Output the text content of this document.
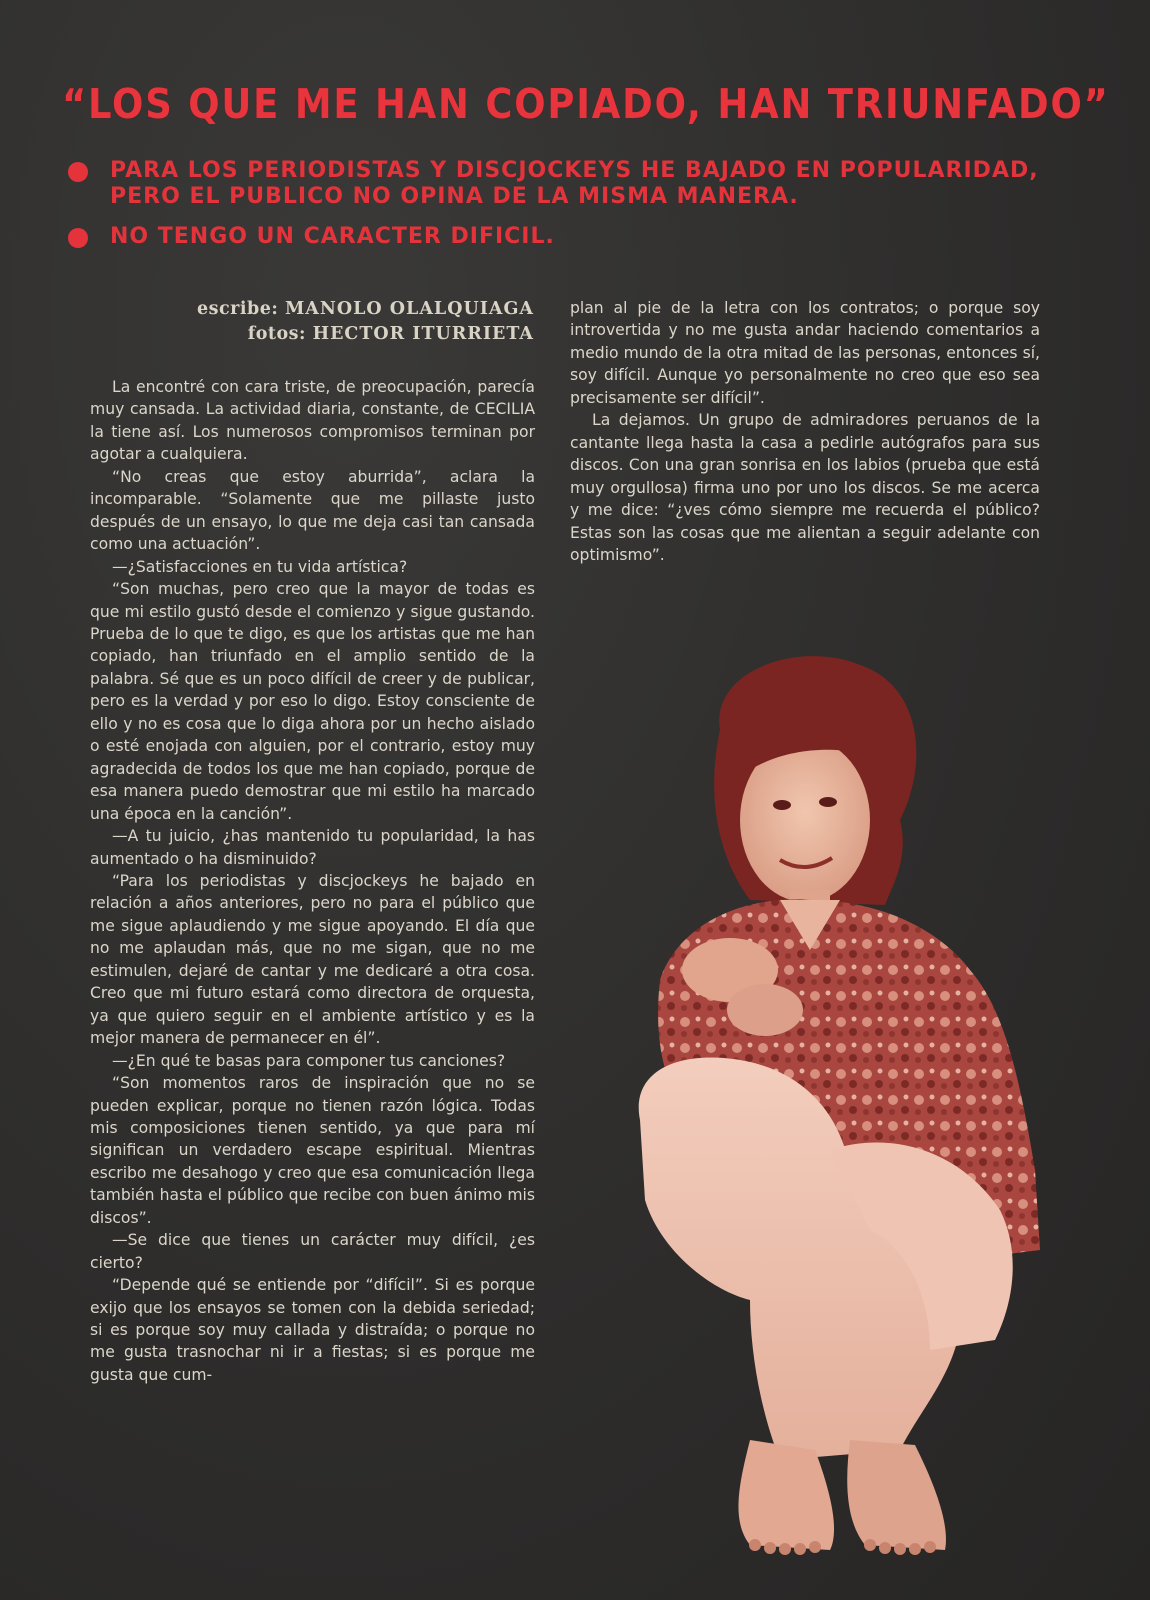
“LOS QUE ME HAN COPIADO, HAN TRIUNFADO”
PARA LOS PERIODISTAS Y DISCJOCKEYS HE BAJADO EN POPULARIDAD, PERO EL PUBLICO NO OPINA DE LA MISMA MANERA.
NO TENGO UN CARACTER DIFICIL.
escribe: MANOLO OLALQUIAGA
fotos: HECTOR ITURRIETA

La encontré con cara triste, de preocupación, parecía muy cansada. La actividad diaria, constante, de CECILIA la tiene así. Los numerosos compromisos terminan por agotar a cualquiera.

“No creas que estoy aburrida”, aclara la incomparable. “Solamente que me pillaste justo después de un ensayo, lo que me deja casi tan cansada como una actuación”.

—¿Satisfacciones en tu vida artística?

“Son muchas, pero creo que la mayor de todas es que mi estilo gustó desde el comienzo y sigue gustando. Prueba de lo que te digo, es que los artistas que me han copiado, han triunfado en el amplio sentido de la palabra. Sé que es un poco difícil de creer y de publicar, pero es la verdad y por eso lo digo. Estoy consciente de ello y no es cosa que lo diga ahora por un hecho aislado o esté enojada con alguien, por el contrario, estoy muy agradecida de todos los que me han copiado, porque de esa manera puedo demostrar que mi estilo ha marcado una época en la canción”.

—A tu juicio, ¿has mantenido tu popularidad, la has aumentado o ha disminuido?

“Para los periodistas y discjockeys he bajado en relación a años anteriores, pero no para el público que me sigue aplaudiendo y me sigue apoyando. El día que no me aplaudan más, que no me sigan, que no me estimulen, dejaré de cantar y me dedicaré a otra cosa. Creo que mi futuro estará como directora de orquesta, ya que quiero seguir en el ambiente artístico y es la mejor manera de permanecer en él”.

—¿En qué te basas para componer tus canciones?

“Son momentos raros de inspiración que no se pueden explicar, porque no tienen razón lógica. Todas mis composiciones tienen sentido, ya que para mí significan un verdadero escape espiritual. Mientras escribo me desahogo y creo que esa comunicación llega también hasta el público que recibe con buen ánimo mis discos”.

—Se dice que tienes un carácter muy difícil, ¿es cierto?

“Depende qué se entiende por “difícil”. Si es porque exijo que los ensayos se tomen con la debida seriedad; si es porque soy muy callada y distraída; o porque no me gusta trasnochar ni ir a fiestas; si es porque me gusta que cum-

plan al pie de la letra con los contratos; o porque soy introvertida y no me gusta andar haciendo comentarios a medio mundo de la otra mitad de las personas, entonces sí, soy difícil. Aunque yo personalmente no creo que eso sea precisamente ser difícil”.

La dejamos. Un grupo de admiradores peruanos de la cantante llega hasta la casa a pedirle autógrafos para sus discos. Con una gran sonrisa en los labios (prueba que está muy orgullosa) firma uno por uno los discos. Se me acerca y me dice: “¿ves cómo siempre me recuerda el público? Estas son las cosas que me alientan a seguir adelante con optimismo”.
